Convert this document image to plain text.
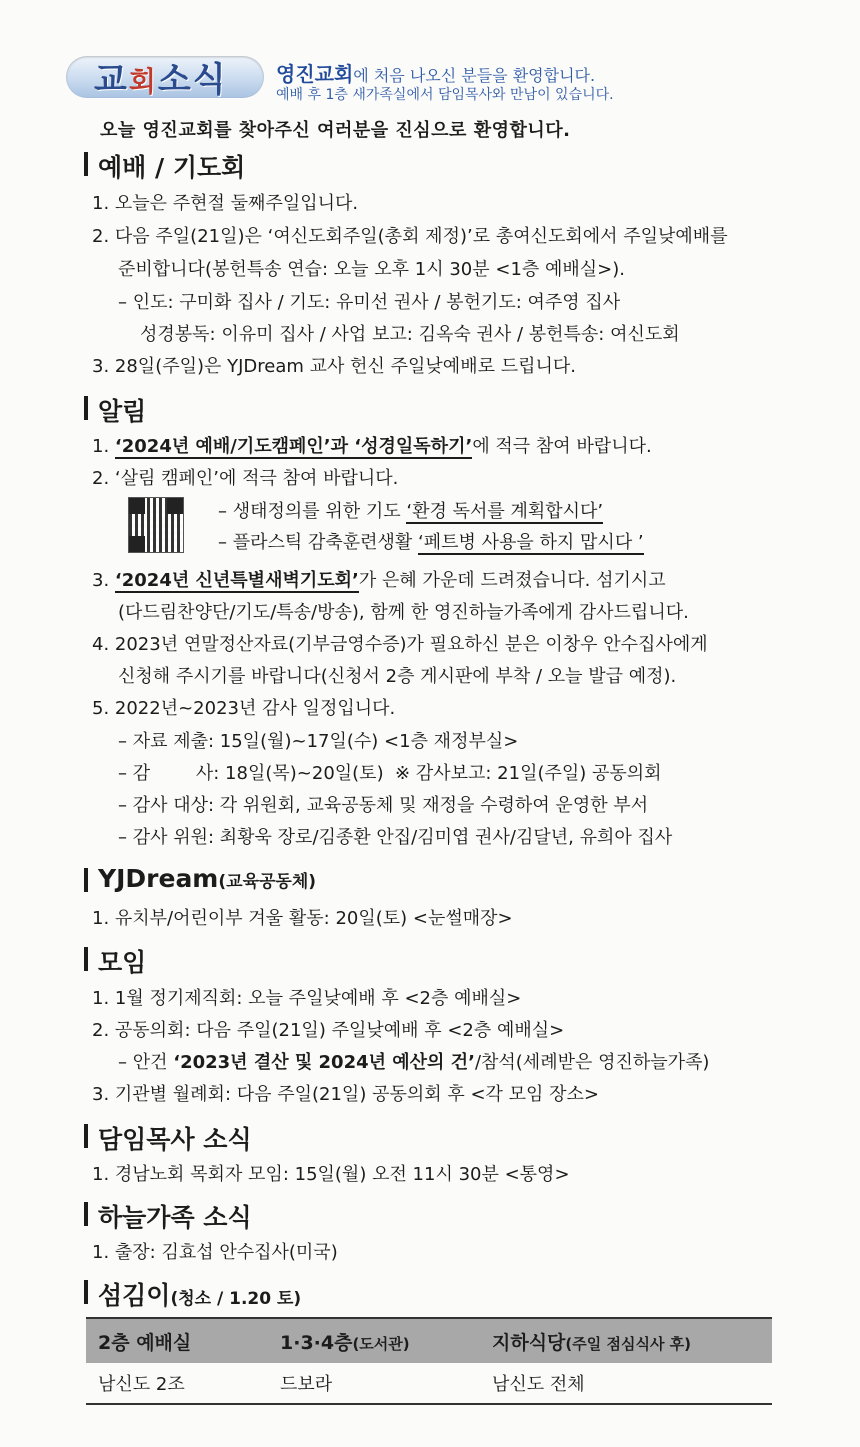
교회소식 영진교회에 처음 나오신 분들을 환영합니다.
예배 후 1층 새가족실에서 담임목사와 만남이 있습니다.
오늘 영진교회를 찾아주신 여러분을 진심으로 환영합니다.
예배 / 기도회
1. 오늘은 주현절 둘째주일입니다.
2. 다음 주일(21일)은 ‘여신도회주일(총회 제정)’로 총여신도회에서 주일낮예배를
준비합니다(봉헌특송 연습: 오늘 오후 1시 30분 <1층 예배실>).
– 인도: 구미화 집사 / 기도: 유미선 권사 / 봉헌기도: 여주영 집사
성경봉독: 이유미 집사 / 사업 보고: 김옥숙 권사 / 봉헌특송: 여신도회
3. 28일(주일)은 YJDream 교사 헌신 주일낮예배로 드립니다.
알림
1. ‘2024년 예배/기도캠페인’과 ‘성경일독하기’에 적극 참여 바랍니다.
2. ‘살림 캠페인’에 적극 참여 바랍니다.
– 생태정의를 위한 기도 ‘환경 독서를 계획합시다’
– 플라스틱 감축훈련생활 ‘페트병 사용을 하지 맙시다 ’
3. ‘2024년 신년특별새벽기도회’가 은혜 가운데 드려졌습니다. 섬기시고
(다드림찬양단/기도/특송/방송), 함께 한 영진하늘가족에게 감사드립니다.
4. 2023년 연말정산자료(기부금영수증)가 필요하신 분은 이창우 안수집사에게
신청해 주시기를 바랍니다(신청서 2층 게시판에 부착 / 오늘 발급 예정).
5. 2022년~2023년 감사 일정입니다.
– 자료 제출: 15일(월)~17일(수) <1층 재정부실>
– 감        사: 18일(목)~20일(토)  ※ 감사보고: 21일(주일) 공동의회
– 감사 대상: 각 위원회, 교육공동체 및 재정을 수령하여 운영한 부서
– 감사 위원: 최황욱 장로/김종환 안집/김미엽 권사/김달년, 유희아 집사
YJDream(교육공동체)
1. 유치부/어린이부 겨울 활동: 20일(토) <눈썰매장>
모임
1. 1월 정기제직회: 오늘 주일낮예배 후 <2층 예배실>
2. 공동의회: 다음 주일(21일) 주일낮예배 후 <2층 예배실>
– 안건 ‘2023년 결산 및 2024년 예산의 건’/참석(세례받은 영진하늘가족)
3. 기관별 월례회: 다음 주일(21일) 공동의회 후 <각 모임 장소>
담임목사 소식
1. 경남노회 목회자 모임: 15일(월) 오전 11시 30분 <통영>
하늘가족 소식
1. 출장: 김효섭 안수집사(미국)
섬김이(청소 / 1.20 토)
2층 예배실	1·3·4층(도서관)	지하식당(주일 점심식사 후)
남신도 2조	드보라	남신도 전체
